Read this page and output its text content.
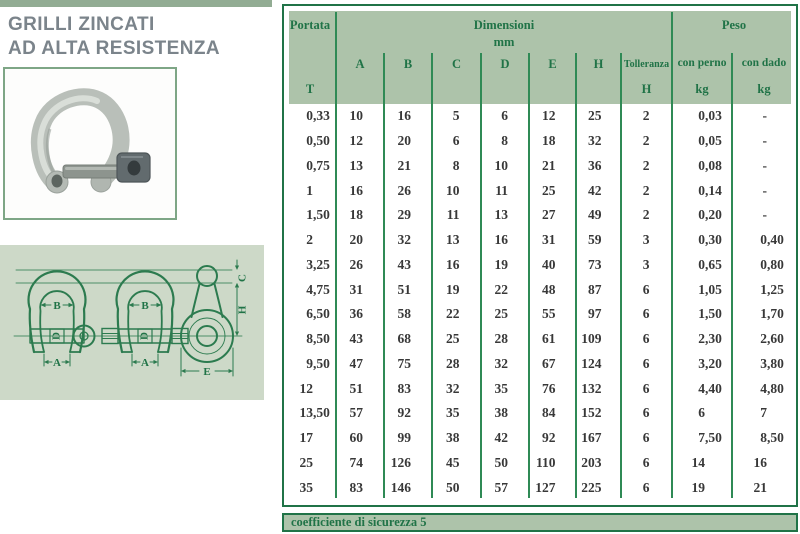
GRILLI ZINCATI
AD ALTA RESISTENZA
B
D
A
B
D
A
C
H
E
Portata
T
Dimensioni
mm
A	B	C	D	E	H	Tolleranza
H
Peso
con perno	con dado
kg	kg
0 ,33	10	16	5	6	12	25	2	0 ,03	-
0 ,50	12	20	6	8	18	32	2	0 ,05	-
0 ,75	13	21	8	10	21	36	2	0 ,08	-
1	16	26	10	11	25	42	2	0 ,14	-
1 ,50	18	29	11	13	27	49	2	0 ,20	-
2	20	32	13	16	31	59	3	0 ,30	0 ,40
3 ,25	26	43	16	19	40	73	3	0 ,65	0 ,80
4 ,75	31	51	19	22	48	87	6	1 ,05	1 ,25
6 ,50	36	58	22	25	55	97	6	1 ,50	1 ,70
8 ,50	43	68	25	28	61	109	6	2 ,30	2 ,60
9 ,50	47	75	28	32	67	124	6	3 ,20	3 ,80
12	51	83	32	35	76	132	6	4 ,40	4 ,80
13 ,50	57	92	35	38	84	152	6	6	7
17	60	99	38	42	92	167	6	7 ,50	8 ,50
25	74	126	45	50	110	203	6	14	16
35	83	146	50	57	127	225	6	19	21
coefficiente di sicurezza 5
